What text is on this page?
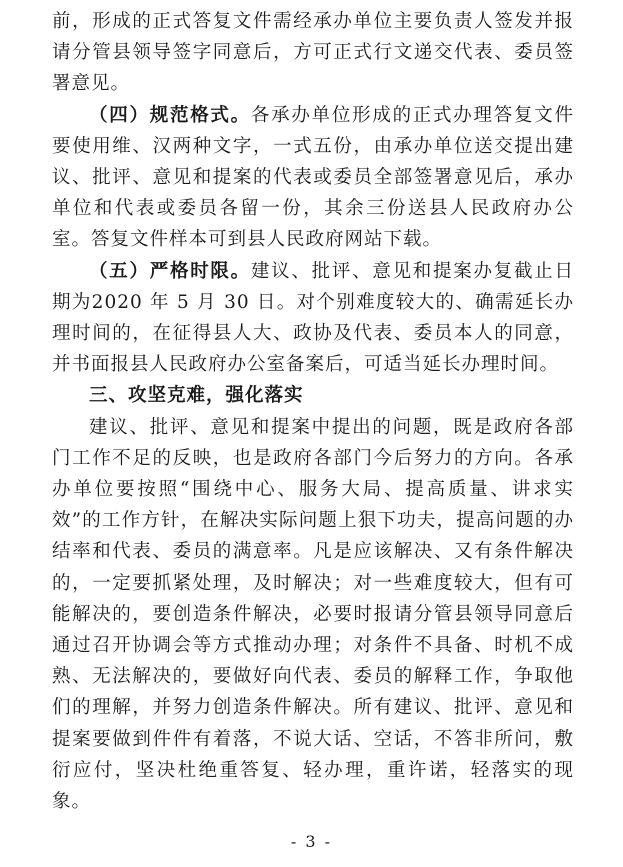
前，形成的正式答复文件需经承办单位主要负责人签发并报请分管县领导签字同意后，方可正式行文递交代表、委员签署意见。

（四）规范格式。各承办单位形成的正式办理答复文件要使用维、汉两种文字，一式五份，由承办单位送交提出建议、批评、意见和提案的代表或委员全部签署意见后，承办单位和代表或委员各留一份，其余三份送县人民政府办公室。答复文件样本可到县人民政府网站下载。

（五）严格时限。建议、批评、意见和提案办复截止日期为2020 年 5 月 30 日。对个别难度较大的、确需延长办理时间的，在征得县人大、政协及代表、委员本人的同意，并书面报县人民政府办公室备案后，可适当延长办理时间。

三、攻坚克难，强化落实

建议、批评、意见和提案中提出的问题，既是政府各部门工作不足的反映，也是政府各部门今后努力的方向。各承办单位要按照“围绕中心、服务大局、提高质量、讲求实效”的工作方针，在解决实际问题上狠下功夫，提高问题的办结率和代表、委员的满意率。凡是应该解决、又有条件解决的，一定要抓紧处理，及时解决；对一些难度较大，但有可能解决的，要创造条件解决，必要时报请分管县领导同意后通过召开协调会等方式推动办理；对条件不具备、时机不成熟、无法解决的，要做好向代表、委员的解释工作，争取他们的理解，并努力创造条件解决。所有建议、批评、意见和提案要做到件件有着落，不说大话、空话，不答非所问，敷衍应付，坚决杜绝重答复、轻办理，重许诺，轻落实的现象。

- 3 -
